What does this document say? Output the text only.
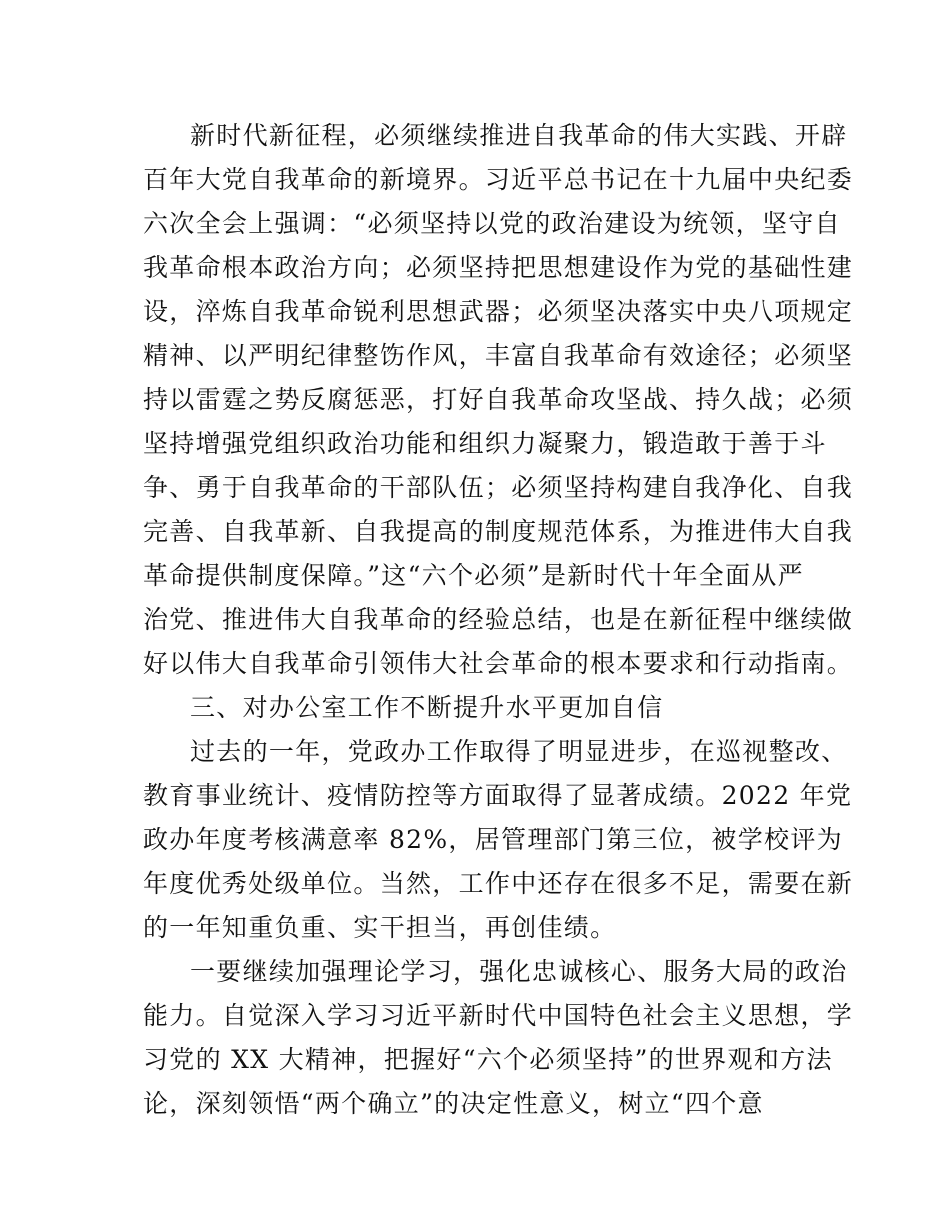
新时代新征程，必须继续推进自我革命的伟大实践、开辟
百年大党自我革命的新境界。习近平总书记在十九届中央纪委
六次全会上强调：“必须坚持以党的政治建设为统领，坚守自
我革命根本政治方向；必须坚持把思想建设作为党的基础性建
设，淬炼自我革命锐利思想武器；必须坚决落实中央八项规定
精神、以严明纪律整饬作风，丰富自我革命有效途径；必须坚
持以雷霆之势反腐惩恶，打好自我革命攻坚战、持久战；必须
坚持增强党组织政治功能和组织力凝聚力，锻造敢于善于斗
争、勇于自我革命的干部队伍；必须坚持构建自我净化、自我
完善、自我革新、自我提高的制度规范体系，为推进伟大自我
革命提供制度保障。”这“六个必须”是新时代十年全面从严
治党、推进伟大自我革命的经验总结，也是在新征程中继续做
好以伟大自我革命引领伟大社会革命的根本要求和行动指南。
三、对办公室工作不断提升水平更加自信
过去的一年，党政办工作取得了明显进步，在巡视整改、
教育事业统计、疫情防控等方面取得了显著成绩。2022 年党
政办年度考核满意率 82%，居管理部门第三位，被学校评为
年度优秀处级单位。当然，工作中还存在很多不足，需要在新
的一年知重负重、实干担当，再创佳绩。
一要继续加强理论学习，强化忠诚核心、服务大局的政治
能力。自觉深入学习习近平新时代中国特色社会主义思想，学
习党的 XX 大精神，把握好“六个必须坚持”的世界观和方法
论，深刻领悟“两个确立”的决定性意义，树立“四个意
